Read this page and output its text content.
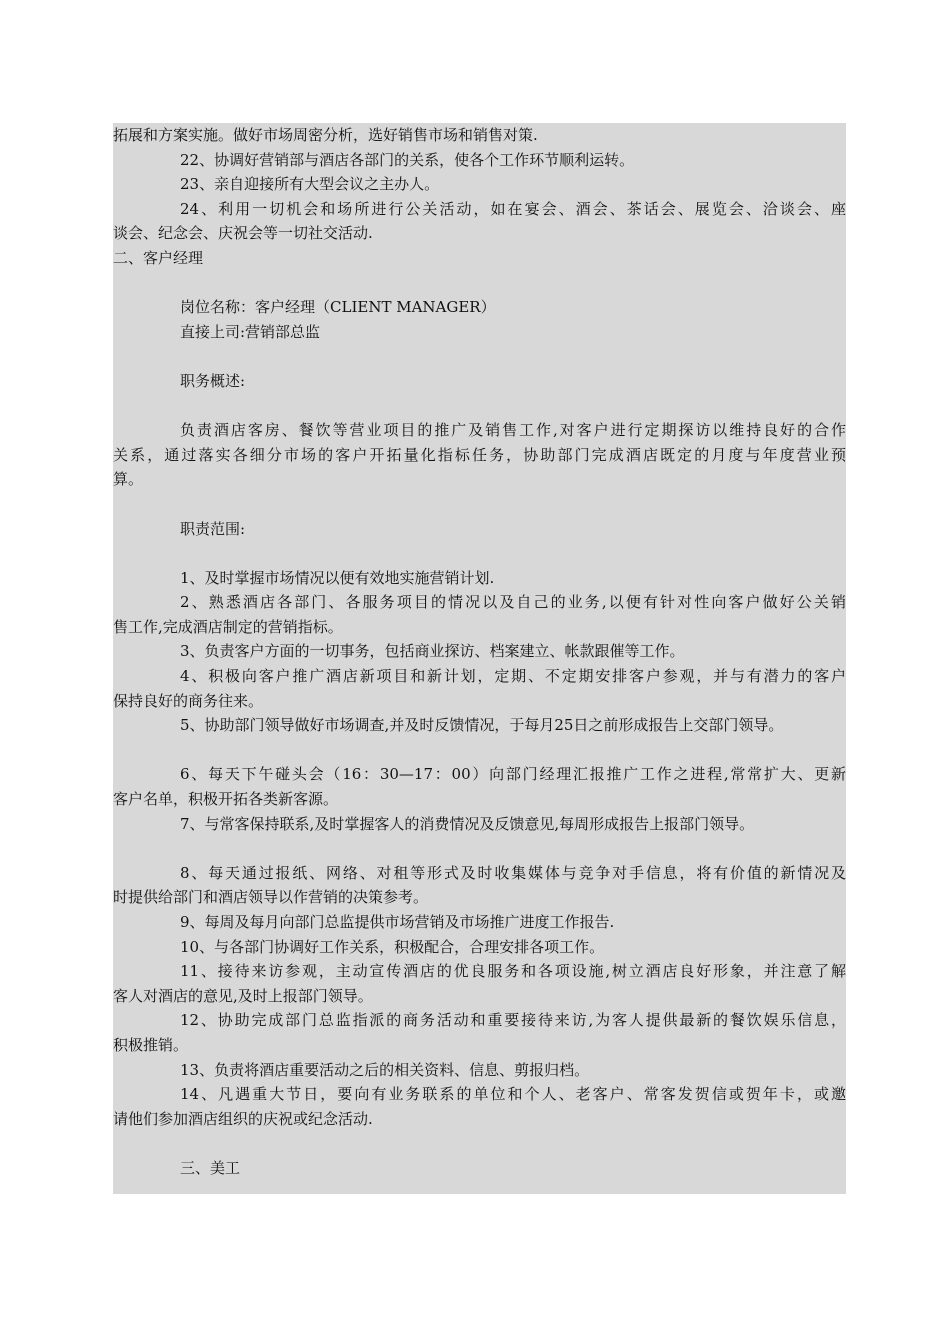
拓展和方案实施。做好市场周密分析，选好销售市场和销售对策.
22、协调好营销部与酒店各部门的关系，使各个工作环节顺利运转。
23、亲自迎接所有大型会议之主办人。
24、利用一切机会和场所进行公关活动，如在宴会、酒会、茶话会、展览会、洽谈会、座
谈会、纪念会、庆祝会等一切社交活动.
二、客户经理
岗位名称：客户经理（CLIENT MANAGER）
直接上司:营销部总监
职务概述:
负责酒店客房、餐饮等营业项目的推广及销售工作,对客户进行定期探访以维持良好的合作
关系，通过落实各细分市场的客户开拓量化指标任务，协助部门完成酒店既定的月度与年度营业预
算。
职责范围:
1、及时掌握市场情况以便有效地实施营销计划.
2、熟悉酒店各部门、各服务项目的情况以及自己的业务,以便有针对性向客户做好公关销
售工作,完成酒店制定的营销指标。
3、负责客户方面的一切事务，包括商业探访、档案建立、帐款跟催等工作。
4、积极向客户推广酒店新项目和新计划，定期、不定期安排客户参观，并与有潜力的客户
保持良好的商务往来。
5、协助部门领导做好市场调查,并及时反馈情况，于每月25日之前形成报告上交部门领导。
6、每天下午碰头会（16：30—17：00）向部门经理汇报推广工作之进程,常常扩大、更新
客户名单，积极开拓各类新客源。
7、与常客保持联系,及时掌握客人的消费情况及反馈意见,每周形成报告上报部门领导。
8、每天通过报纸、网络、对租等形式及时收集媒体与竞争对手信息，将有价值的新情况及
时提供给部门和酒店领导以作营销的决策参考。
9、每周及每月向部门总监提供市场营销及市场推广进度工作报告.
10、与各部门协调好工作关系，积极配合，合理安排各项工作。
11、接待来访参观，主动宣传酒店的优良服务和各项设施,树立酒店良好形象，并注意了解
客人对酒店的意见,及时上报部门领导。
12、协助完成部门总监指派的商务活动和重要接待来访,为客人提供最新的餐饮娱乐信息，
积极推销。
13、负责将酒店重要活动之后的相关资料、信息、剪报归档。
14、凡遇重大节日，要向有业务联系的单位和个人、老客户、常客发贺信或贺年卡，或邀
请他们参加酒店组织的庆祝或纪念活动.
三、美工
